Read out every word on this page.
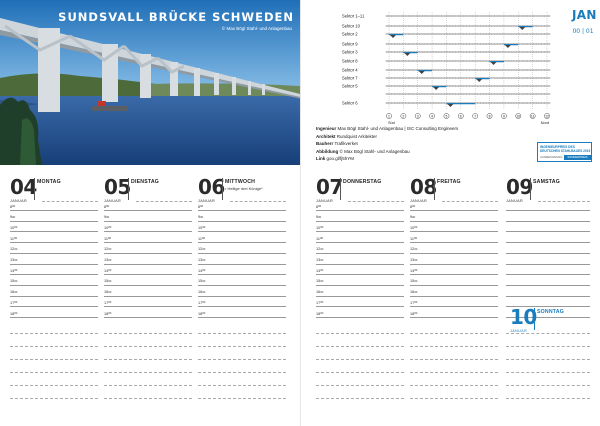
SUNDSVALL BRÜCKE SCHWEDEN
© Max Bögl Stahl- und Anlagenbau
Sektor 1–11
Sektor 10
Sektor 2
Sektor 9
Sektor 3
Sektor 8
Sektor 4
Sektor 7
Sektor 5
Sektor 6
1	2	3	4	5	6	7	8	9	10	11	12
Süd	Nord
JAN
00 | 01
Ingenieur Max Bögl Stahl- und Anlagenbau | ISC Consulting Engineers
Architekt Rundquist Arkitekter
Bauherr Trafikverket
Abbildung © Max Bögl Stahl- und Anlagenbau
Link goo.gl/fj5hYM
INGENIEURPREIS DES
DEUTSCHEN STAHLBAUES 2019
AUSZEICHNUNG	SONDERPREIS
04 MONTAG
JANUAR
$8^{00}$
$9^{00}$
$10^{00}$
$11^{00}$
$12^{00}$
$13^{00}$
$14^{00}$
$15^{00}$
$16^{00}$
$17^{00}$
$18^{00}$
05 DIENSTAG
JANUAR
$8^{00}$
$9^{00}$
$10^{00}$
$11^{00}$
$12^{00}$
$13^{00}$
$14^{00}$
$15^{00}$
$16^{00}$
$17^{00}$
$18^{00}$
06 MITTWOCH
JANUAR
• Heilige drei Könige*
$8^{00}$
$9^{00}$
$10^{00}$
$11^{00}$
$12^{00}$
$13^{00}$
$14^{00}$
$15^{00}$
$16^{00}$
$17^{00}$
$18^{00}$
07 DONNERSTAG
JANUAR
$8^{00}$
$9^{00}$
$10^{00}$
$11^{00}$
$12^{00}$
$13^{00}$
$14^{00}$
$15^{00}$
$16^{00}$
$17^{00}$
$18^{00}$
08 FREITAG
JANUAR
$8^{00}$
$9^{00}$
$10^{00}$
$11^{00}$
$12^{00}$
$13^{00}$
$14^{00}$
$15^{00}$
$16^{00}$
$17^{00}$
$18^{00}$
09 SAMSTAG
JANUAR
10 SONNTAG
JANUAR
